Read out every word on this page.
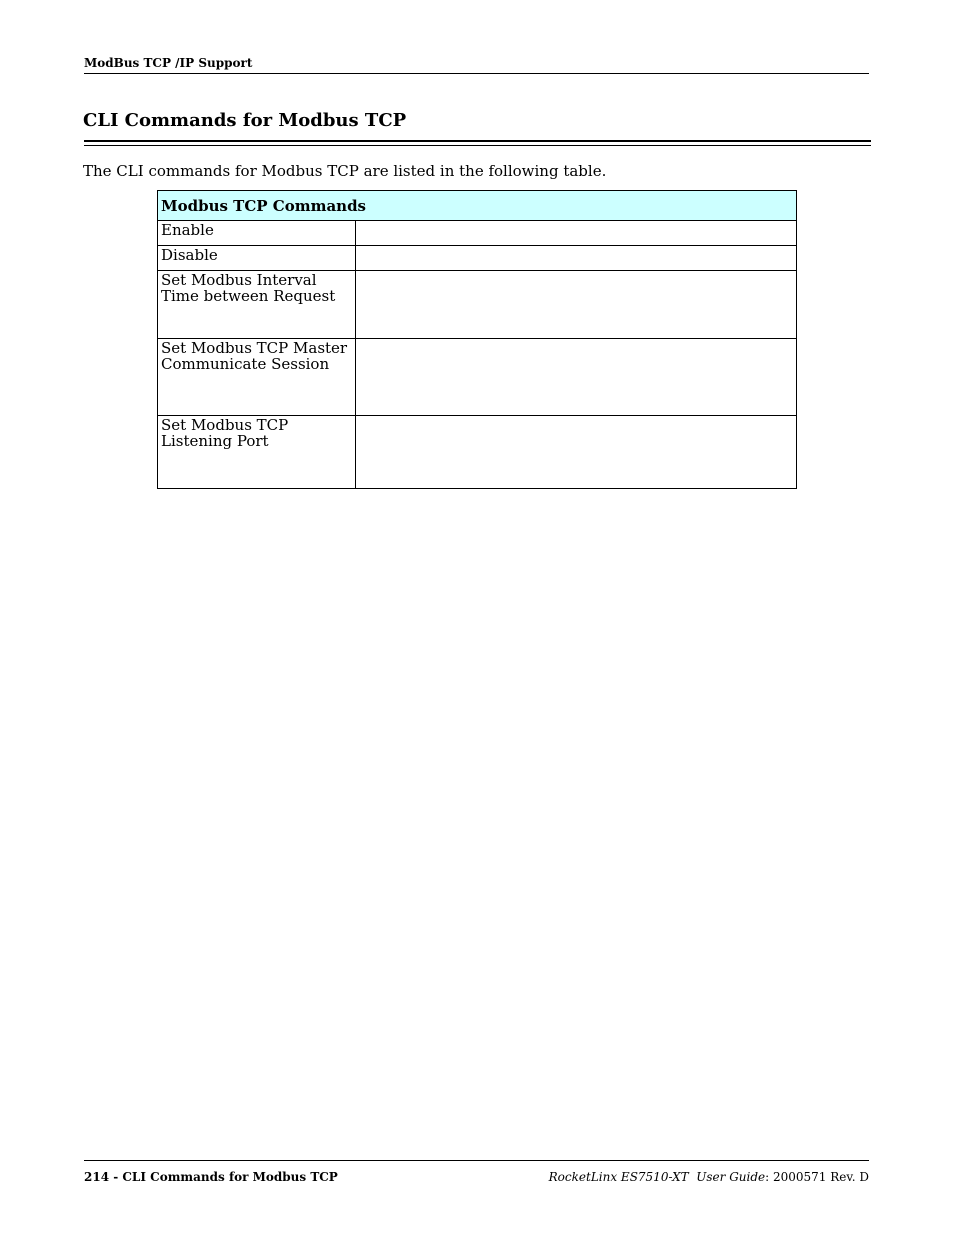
ModBus TCP /IP Support
CLI Commands for Modbus TCP

The CLI commands for Modbus TCP are listed in the following table.

Modbus TCP Commands	
Enable	
Disable	
Set Modbus Interval Time between Request	
Set Modbus TCP Master Communicate Session	
Set Modbus TCP Listening Port	
214 - CLI Commands for Modbus TCP	RocketLinx ES7510-XT User Guide: 2000571 Rev. D
